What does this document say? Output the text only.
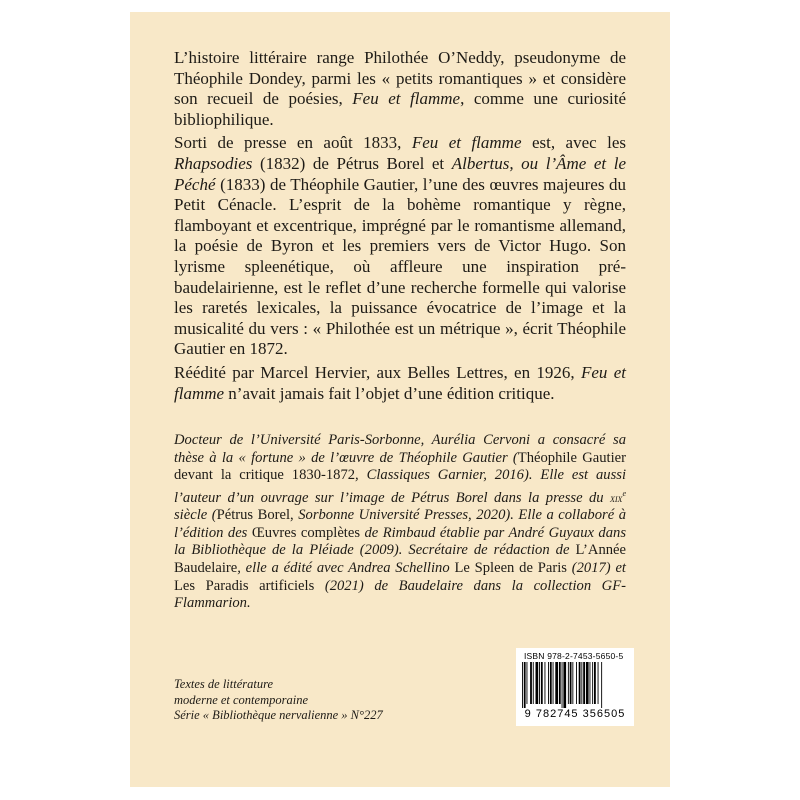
L’histoire littéraire range Philothée O’Neddy, pseudonyme de Théophile Dondey, parmi les « petits romantiques » et considère son recueil de poésies, Feu et flamme, comme une curiosité bibliophilique.

Sorti de presse en août 1833, Feu et flamme est, avec les Rhapsodies (1832) de Pétrus Borel et Albertus, ou l’Âme et le Péché (1833) de Théophile Gautier, l’une des œuvres majeures du Petit Cénacle. L’esprit de la bohème romantique y règne, flamboyant et excentrique, imprégné par le romantisme allemand, la poésie de Byron et les premiers vers de Victor Hugo. Son lyrisme spleenétique, où affleure une inspiration pré-baudelairienne, est le reflet d’une recherche formelle qui valorise les raretés lexicales, la puissance évocatrice de l’image et la musicalité du vers : « Philothée est un métrique », écrit Théophile Gautier en 1872.

Réédité par Marcel Hervier, aux Belles Lettres, en 1926, Feu et flamme n’avait jamais fait l’objet d’une édition critique.

Docteur de l’Université Paris-Sorbonne, Aurélia Cervoni a consacré sa thèse à la « fortune » de l’œuvre de Théophile Gautier (Théophile Gautier devant la critique 1830-1872, Classiques Garnier, 2016). Elle est aussi l’auteur d’un ouvrage sur l’image de Pétrus Borel dans la presse du xix$^e$ siècle (Pétrus Borel, Sorbonne Université Presses, 2020). Elle a collaboré à l’édition des Œuvres complètes de Rimbaud établie par André Guyaux dans la Bibliothèque de la Pléiade (2009). Secrétaire de rédaction de L’Année Baudelaire, elle a édité avec Andrea Schellino Le Spleen de Paris (2017) et Les Paradis artificiels (2021) de Baudelaire dans la collection GF-Flammarion.
Textes de littérature
moderne et contemporaine
Série « Bibliothèque nervalienne » N°227
ISBN 978-2-7453-5650-5
9 782745 356505
